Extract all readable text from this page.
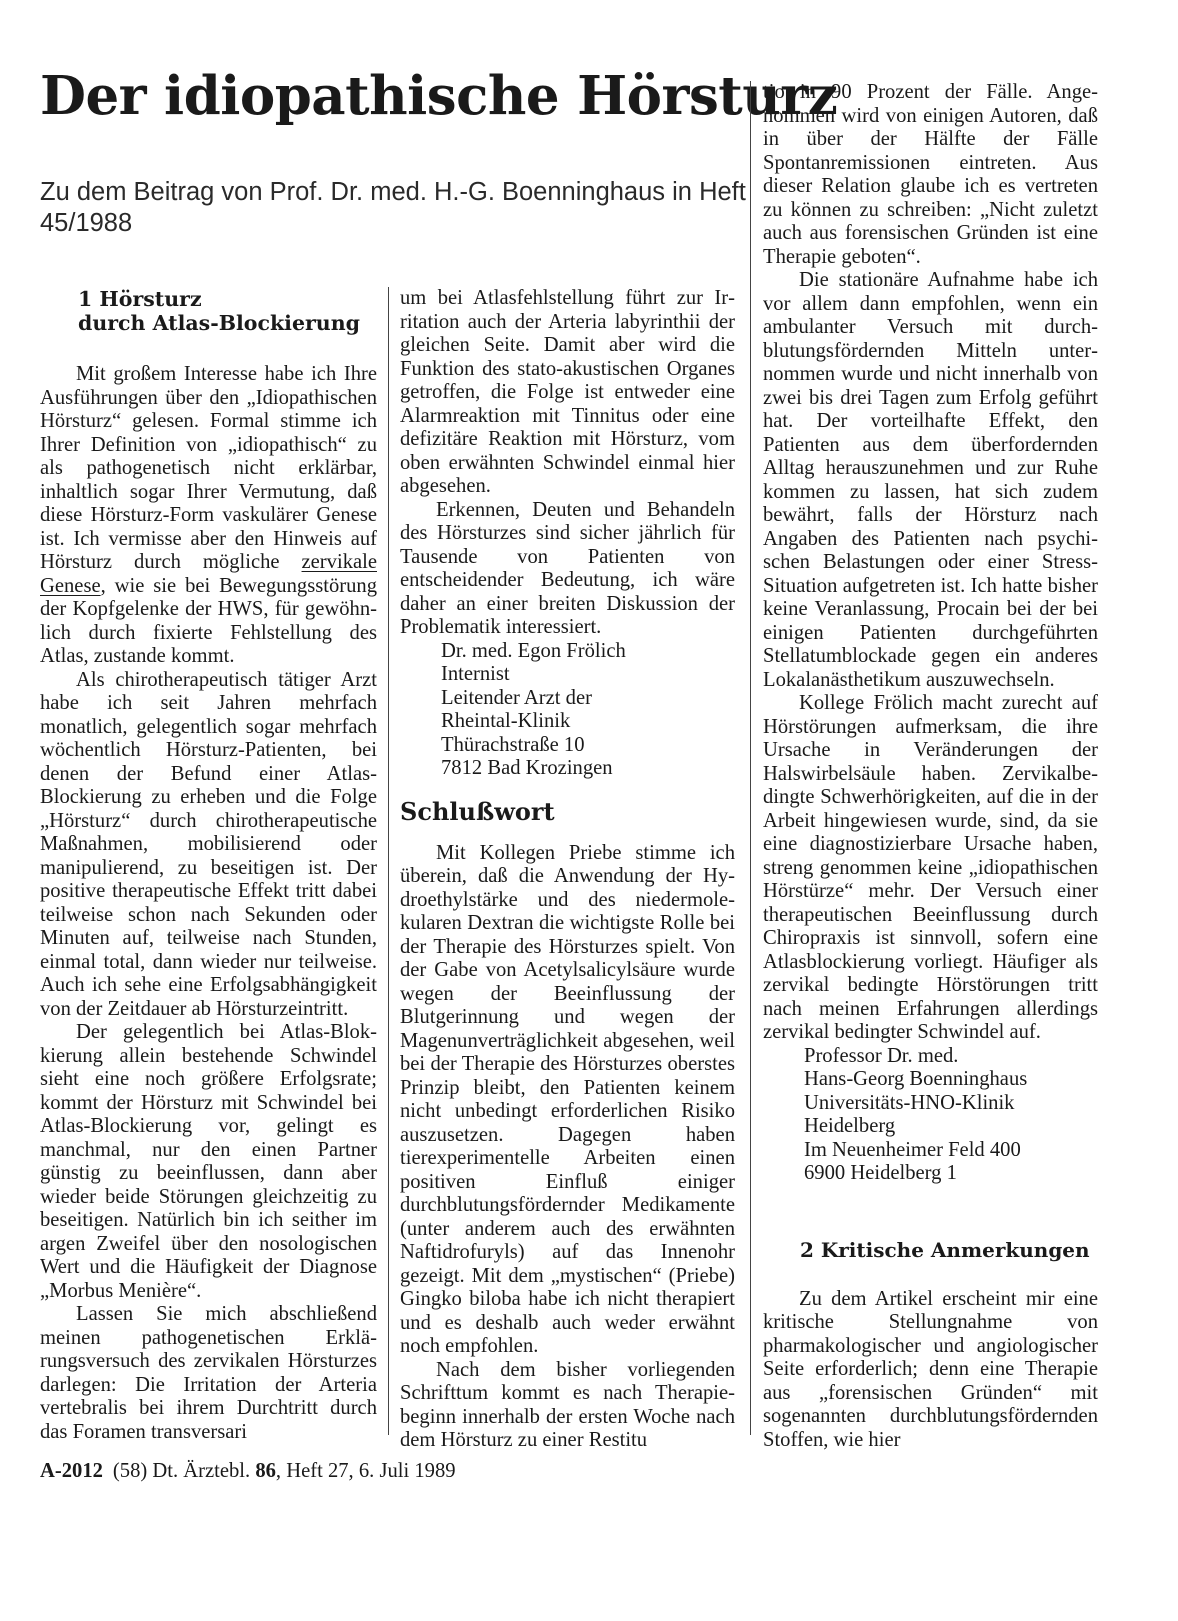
Der idiopathische Hörsturz
Zu dem Beitrag von Prof. Dr. med. H.-G. Boenninghaus in Heft 45/1988
1 Hörsturz
durch Atlas-Blockierung

Mit großem Interesse habe ich Ihre Ausführungen über den „Idiopathischen Hörsturz“ gelesen. Formal stimme ich Ihrer Definition von „idiopathisch“ zu als pathogenetisch nicht erklärbar, inhaltlich sogar Ihrer Vermutung, daß diese Hörsturz-Form vaskulärer Genese ist. Ich vermisse aber den Hinweis auf Hörsturz durch mögliche zervikale Genese, wie sie bei Bewegungsstörung der Kopfgelenke der HWS, für gewöhnlich durch fixierte Fehlstellung des Atlas, zustande kommt.

Als chirotherapeutisch tätiger Arzt habe ich seit Jahren mehrfach monatlich, gelegentlich sogar mehrfach wöchentlich Hörsturz-Patienten, bei denen der Befund einer Atlas-Blockierung zu erheben und die Folge „Hörsturz“ durch chirotherapeutische Maßnahmen, mobilisierend oder manipulierend, zu beseitigen ist. Der positive therapeutische Effekt tritt dabei teilweise schon nach Sekunden oder Minuten auf, teilweise nach Stunden, einmal total, dann wieder nur teilweise. Auch ich sehe eine Erfolgsabhängigkeit von der Zeitdauer ab Hörsturzeintritt.

Der gelegentlich bei Atlas-Blokkierung allein bestehende Schwindel sieht eine noch größere Erfolgsrate; kommt der Hörsturz mit Schwindel bei Atlas-Blockierung vor, gelingt es manchmal, nur den einen Partner günstig zu beeinflussen, dann aber wieder beide Störungen gleichzeitig zu beseitigen. Natürlich bin ich seither im argen Zweifel über den nosologischen Wert und die Häufigkeit der Diagnose „Morbus Menière“.

Lassen Sie mich abschließend meinen pathogenetischen Erklärungsversuch des zervikalen Hörsturzes darlegen: Die Irritation der Arteria vertebralis bei ihrem Durchtritt durch das Foramen transversari

um bei Atlasfehlstellung führt zur Irritation auch der Arteria labyrinthii der gleichen Seite. Damit aber wird die Funktion des stato-akustischen Organes getroffen, die Folge ist entweder eine Alarmreaktion mit Tinnitus oder eine defizitäre Reaktion mit Hörsturz, vom oben erwähnten Schwindel einmal hier abgesehen.

Erkennen, Deuten und Behandeln des Hörsturzes sind sicher jährlich für Tausende von Patienten von entscheidender Bedeutung, ich wäre daher an einer breiten Diskussion der Problematik interessiert.

Dr. med. Egon Frölich
Internist
Leitender Arzt der
Rheintal-Klinik
Thürachstraße 10
7812 Bad Krozingen
Schlußwort

Mit Kollegen Priebe stimme ich überein, daß die Anwendung der Hydroethylstärke und des niedermolekularen Dextran die wichtigste Rolle bei der Therapie des Hörsturzes spielt. Von der Gabe von Acetylsalicylsäure wurde wegen der Beeinflussung der Blutgerinnung und wegen der Magenunverträglichkeit abgesehen, weil bei der Therapie des Hörsturzes oberstes Prinzip bleibt, den Patienten keinem nicht unbedingt erforderlichen Risiko auszusetzen. Dagegen haben tierexperimentelle Arbeiten einen positiven Einfluß einiger durchblutungsfördernder Medikamente (unter anderem auch des erwähnten Naftidrofuryls) auf das Innenohr gezeigt. Mit dem „mystischen“ (Priebe) Gingko biloba habe ich nicht therapiert und es deshalb auch weder erwähnt noch empfohlen.

Nach dem bisher vorliegenden Schrifttum kommt es nach Therapiebeginn innerhalb der ersten Woche nach dem Hörsturz zu einer Restitu

tio in 90 Prozent der Fälle. Angenommen wird von einigen Autoren, daß in über der Hälfte der Fälle Spontanremissionen eintreten. Aus dieser Relation glaube ich es vertreten zu können zu schreiben: „Nicht zuletzt auch aus forensischen Gründen ist eine Therapie geboten“.

Die stationäre Aufnahme habe ich vor allem dann empfohlen, wenn ein ambulanter Versuch mit durchblutungsfördernden Mitteln unternommen wurde und nicht innerhalb von zwei bis drei Tagen zum Erfolg geführt hat. Der vorteilhafte Effekt, den Patienten aus dem überfordernden Alltag herauszunehmen und zur Ruhe kommen zu lassen, hat sich zudem bewährt, falls der Hörsturz nach Angaben des Patienten nach psychischen Belastungen oder einer Stress-Situation aufgetreten ist. Ich hatte bisher keine Veranlassung, Procain bei der bei einigen Patienten durchgeführten Stellatumblockade gegen ein anderes Lokalanästhetikum auszuwechseln.

Kollege Frölich macht zurecht auf Hörstörungen aufmerksam, die ihre Ursache in Veränderungen der Halswirbelsäule haben. Zervikalbedingte Schwerhörigkeiten, auf die in der Arbeit hingewiesen wurde, sind, da sie eine diagnostizierbare Ursache haben, streng genommen keine „idiopathischen Hörstürze“ mehr. Der Versuch einer therapeutischen Beeinflussung durch Chiropraxis ist sinnvoll, sofern eine Atlasblockierung vorliegt. Häufiger als zervikal bedingte Hörstörungen tritt nach meinen Erfahrungen allerdings zervikal bedingter Schwindel auf.

Professor Dr. med.
Hans-Georg Boenninghaus
Universitäts-HNO-Klinik
Heidelberg
Im Neuenheimer Feld 400
6900 Heidelberg 1
2 Kritische Anmerkungen

Zu dem Artikel erscheint mir eine kritische Stellungnahme von pharmakologischer und angiologischer Seite erforderlich; denn eine Therapie aus „forensischen Gründen“ mit sogenannten durchblutungsfördernden Stoffen, wie hier

A-2012 (58) Dt. Ärztebl. 86, Heft 27, 6. Juli 1989
